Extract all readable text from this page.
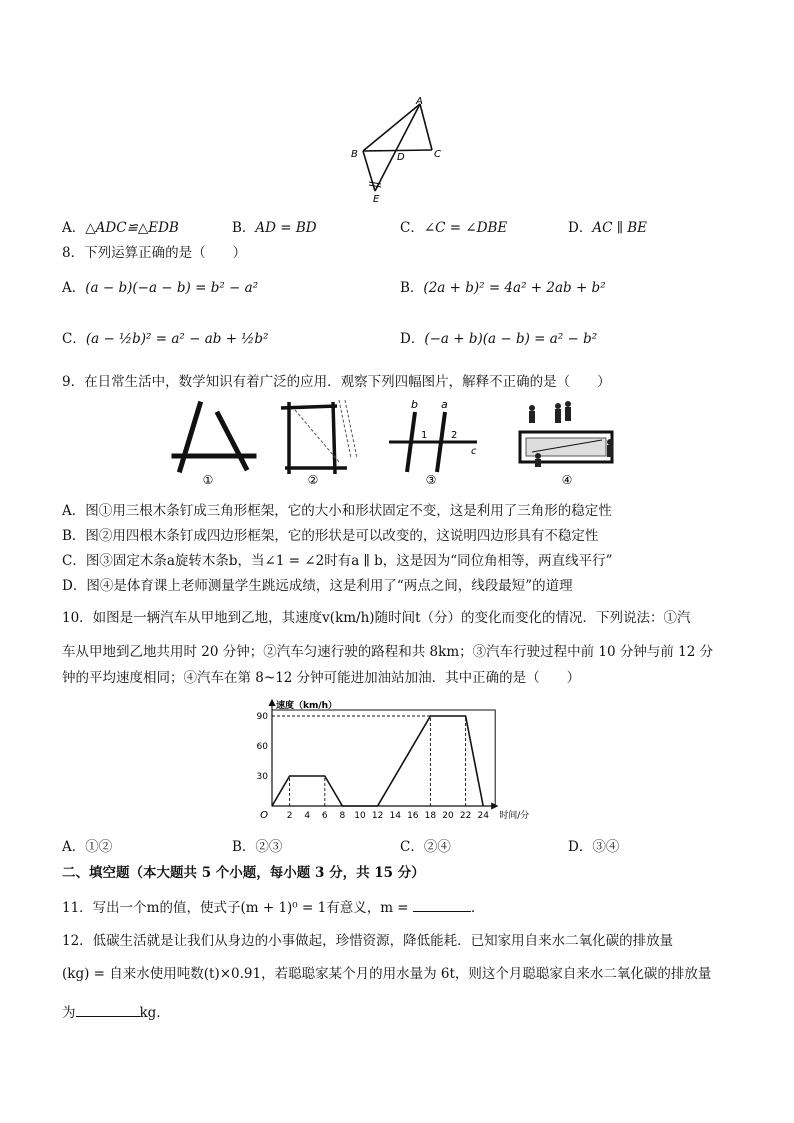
A
B	C
D
E
A．△ADC≌△EDB	B．AD = BD	C．∠C = ∠DBE	D．AC ∥ BE
8．下列运算正确的是（　　）
A．(a − b)(−a − b) = b² − a²	B．(2a + b)² = 4a² + 2ab + b²
C．(a − ½b)² = a² − ab + ½b²	D．(−a + b)(a − b) = a² − b²
9．在日常生活中，数学知识有着广泛的应用．观察下列四幅图片，解释不正确的是（　　）
①	②
b a
1 2
c
③	④
A．图①用三根木条钉成三角形框架，它的大小和形状固定不变，这是利用了三角形的稳定性
B．图②用四根木条钉成四边形框架，它的形状是可以改变的，这说明四边形具有不稳定性
C．图③固定木条a旋转木条b，当∠1 = ∠2时有a ∥ b，这是因为“同位角相等，两直线平行”
D．图④是体育课上老师测量学生跳远成绩，这是利用了“两点之间，线段最短”的道理
10．如图是一辆汽车从甲地到乙地，其速度v(km/h)随时间t（分）的变化而变化的情况．下列说法：①汽
车从甲地到乙地共用时 20 分钟；②汽车匀速行驶的路程和共 8km；③汽车行驶过程中前 10 分钟与前 12 分
钟的平均速度相同；④汽车在第 8~12 分钟可能进加油站加油．其中正确的是（　　）
2 4 6 8 10 12 14 16 18 20 22 24
30
60
90
O
速度（km/h）
时间/分
A．①②	B．②③	C．②④	D．③④
二、填空题（本大题共 5 个小题，每小题 3 分，共 15 分）
11．写出一个m的值，使式子(m + 1)⁰ = 1有意义，m =	．
12．低碳生活就是让我们从身边的小事做起，珍惜资源，降低能耗．已知家用自来水二氧化碳的排放量
(kg) = 自来水使用吨数(t)×0.91，若聪聪家某个月的用水量为 6t，则这个月聪聪家自来水二氧化碳的排放量
为	kg．
